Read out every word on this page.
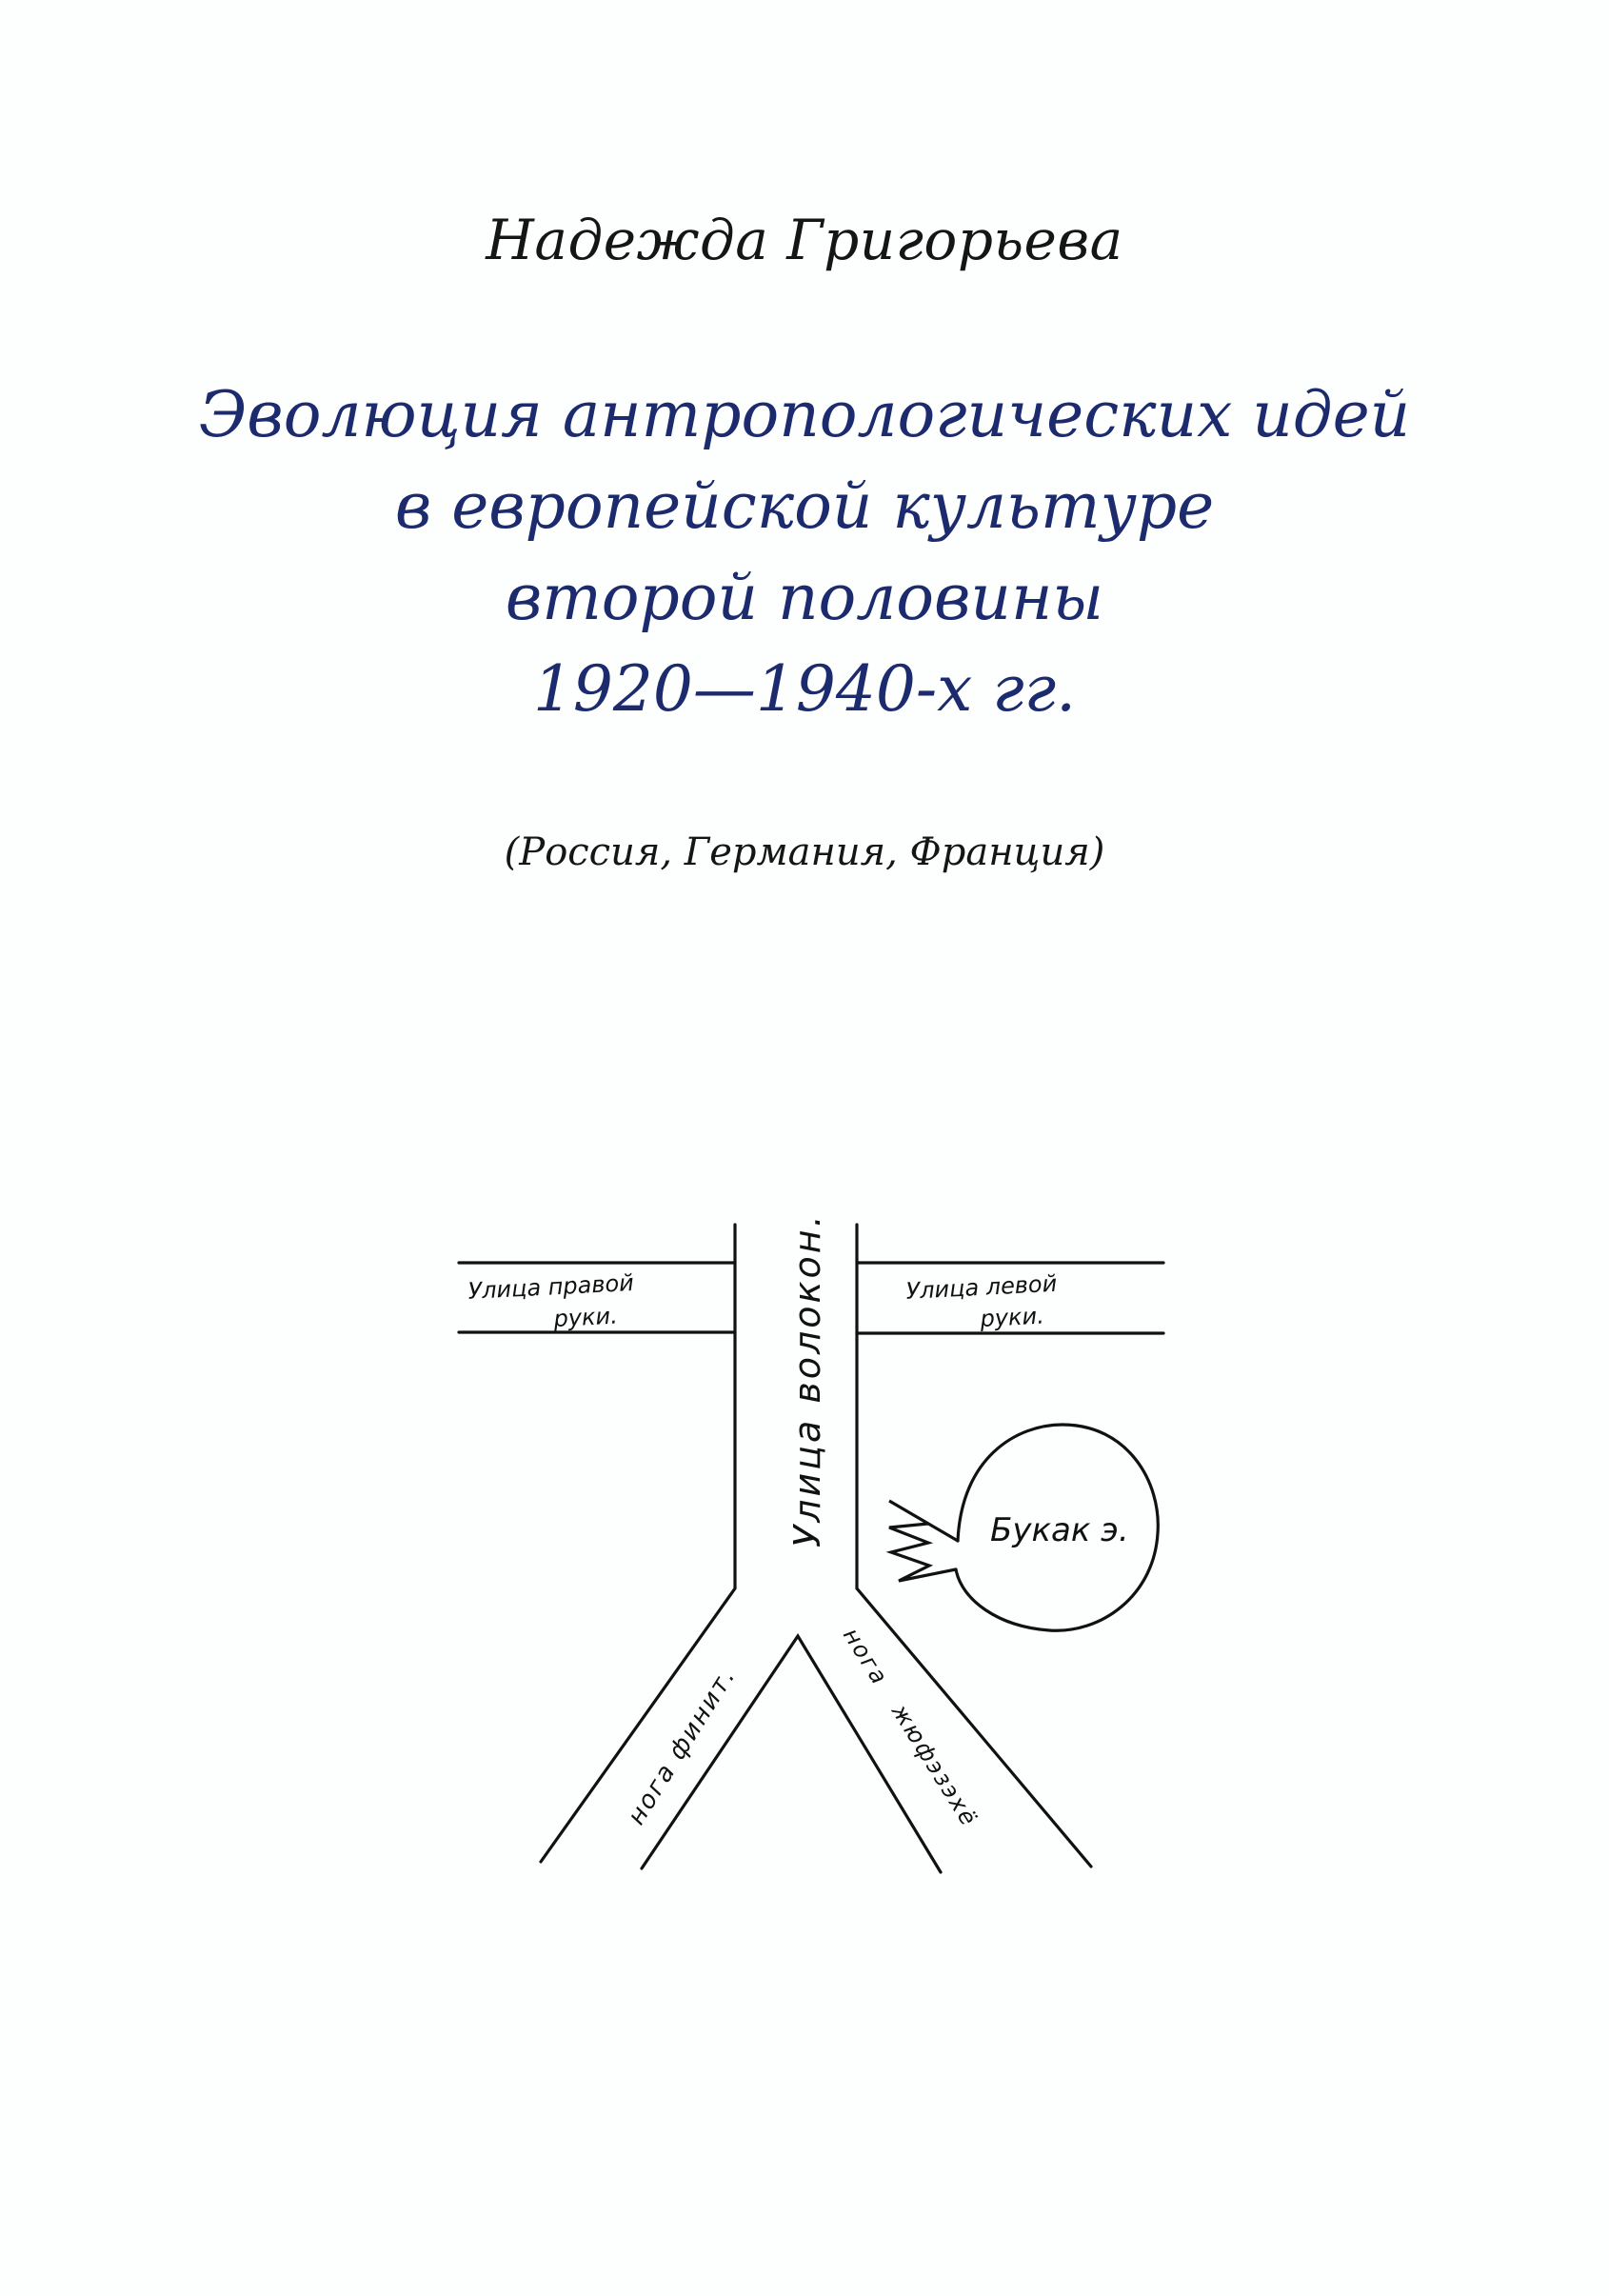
Надежда Григорьева
Эволюция антропологических идей
в европейской культуре
второй половины
1920—1940-х гг.
(Россия, Германия, Франция)
Улица правой
руки.
Улица левой
руки.
Улица волокон.	Букак э.
нога финит.
нога
жюфэзэхё
